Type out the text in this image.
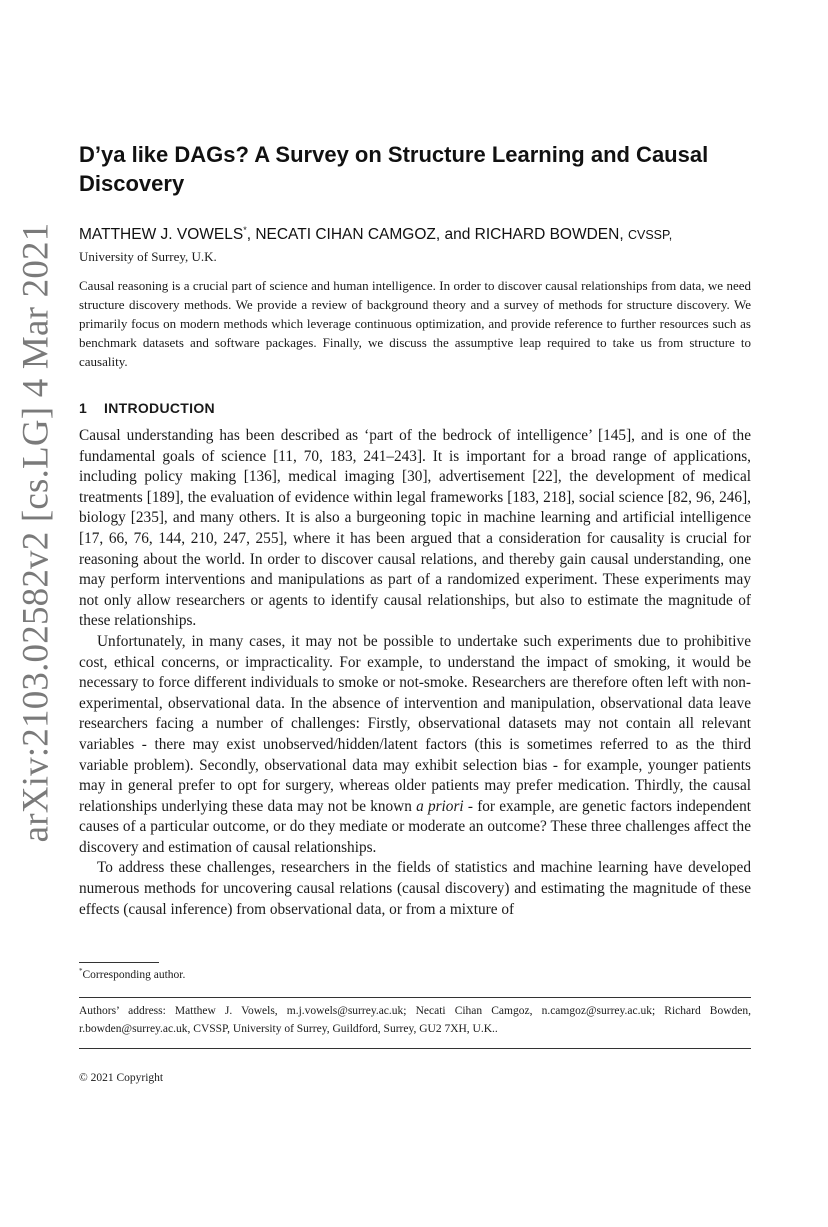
arXiv:2103.02582v2 [cs.LG] 4 Mar 2021
D’ya like DAGs? A Survey on Structure Learning and Causal Discovery
MATTHEW J. VOWELS*, NECATI CIHAN CAMGOZ, and RICHARD BOWDEN, CVSSP,
University of Surrey, U.K.
Causal reasoning is a crucial part of science and human intelligence. In order to discover causal relationships from data, we need structure discovery methods. We provide a review of background theory and a survey of methods for structure discovery. We primarily focus on modern methods which leverage continuous optimization, and provide reference to further resources such as benchmark datasets and software packages. Finally, we discuss the assumptive leap required to take us from structure to causality.
1 INTRODUCTION

Causal understanding has been described as ‘part of the bedrock of intelligence’ [145], and is one of the fundamental goals of science [11, 70, 183, 241–243]. It is important for a broad range of applications, including policy making [136], medical imaging [30], advertisement [22], the development of medical treatments [189], the evaluation of evidence within legal frameworks [183, 218], social science [82, 96, 246], biology [235], and many others. It is also a burgeoning topic in machine learning and artificial intelligence [17, 66, 76, 144, 210, 247, 255], where it has been argued that a consideration for causality is crucial for reasoning about the world. In order to discover causal relations, and thereby gain causal understanding, one may perform interventions and manipulations as part of a randomized experiment. These experiments may not only allow researchers or agents to identify causal relationships, but also to estimate the magnitude of these relationships.

Unfortunately, in many cases, it may not be possible to undertake such experiments due to prohibitive cost, ethical concerns, or impracticality. For example, to understand the impact of smoking, it would be necessary to force different individuals to smoke or not-smoke. Researchers are therefore often left with non-experimental, observational data. In the absence of intervention and manipulation, observational data leave researchers facing a number of challenges: Firstly, observational datasets may not contain all relevant variables - there may exist unobserved/hidden/latent factors (this is sometimes referred to as the third variable problem). Secondly, observational data may exhibit selection bias - for example, younger patients may in general prefer to opt for surgery, whereas older patients may prefer medication. Thirdly, the causal relationships underlying these data may not be known a priori - for example, are genetic factors independent causes of a particular outcome, or do they mediate or moderate an outcome? These three challenges affect the discovery and estimation of causal relationships.

To address these challenges, researchers in the fields of statistics and machine learning have developed numerous methods for uncovering causal relations (causal discovery) and estimating the magnitude of these effects (causal inference) from observational data, or from a mixture of

*Corresponding author.
Authors’ address: Matthew J. Vowels, m.j.vowels@surrey.ac.uk; Necati Cihan Camgoz, n.camgoz@surrey.ac.uk; Richard Bowden, r.bowden@surrey.ac.uk, CVSSP, University of Surrey, Guildford, Surrey, GU2 7XH, U.K..
© 2021 Copyright
